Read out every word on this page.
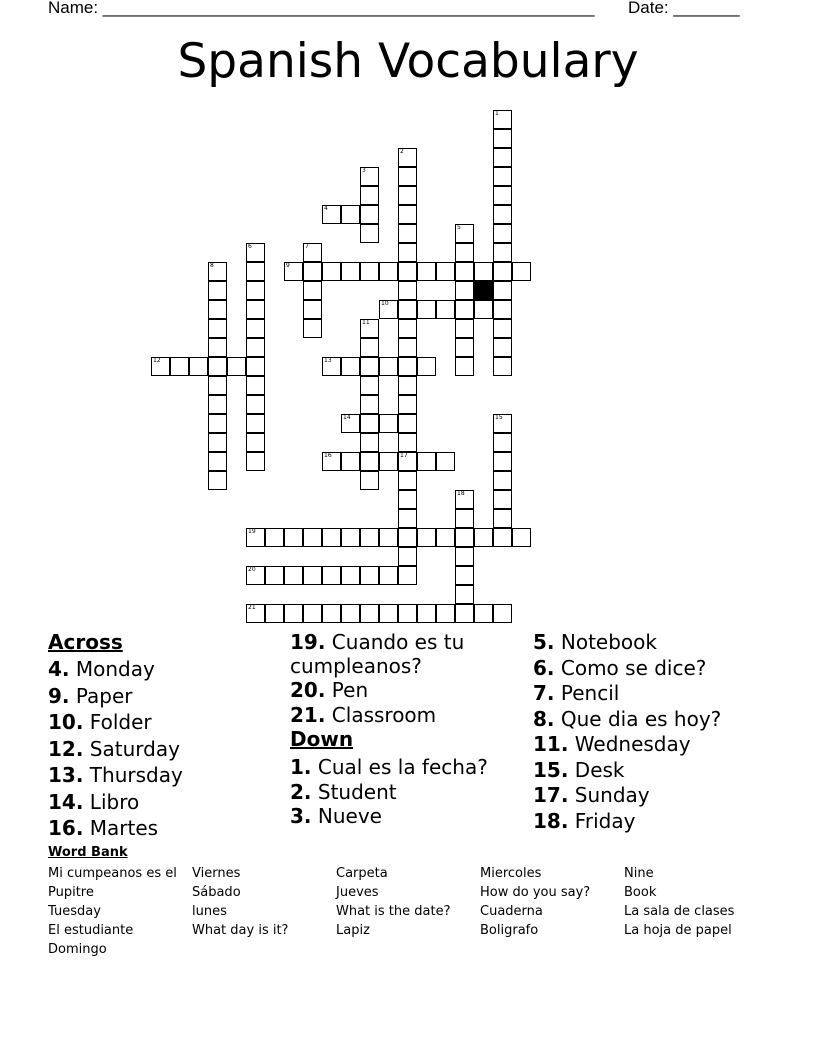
Name: ____________________________________________________ Date: _______
Spanish Vocabulary
1
2
3
4
5
6	7
8	9
10
11
12	13
14	15
16	17
18
19
20
21
Across
4. Monday
9. Paper
10. Folder
12. Saturday
13. Thursday
14. Libro
16. Martes
19. Cuando es tu
cumpleanos?
20. Pen
21. Classroom
Down
1. Cual es la fecha?
2. Student
3. Nueve
5. Notebook
6. Como se dice?
7. Pencil
8. Que dia es hoy?
11. Wednesday
15. Desk
17. Sunday
18. Friday
Word Bank
Mi cumpeanos es el
Pupitre
Tuesday
El estudiante
Domingo
Viernes
Sábado
lunes
What day is it?
Carpeta
Jueves
What is the date?
Lapiz
Miercoles
How do you say?
Cuaderna
Boligrafo
Nine
Book
La sala de clases
La hoja de papel
